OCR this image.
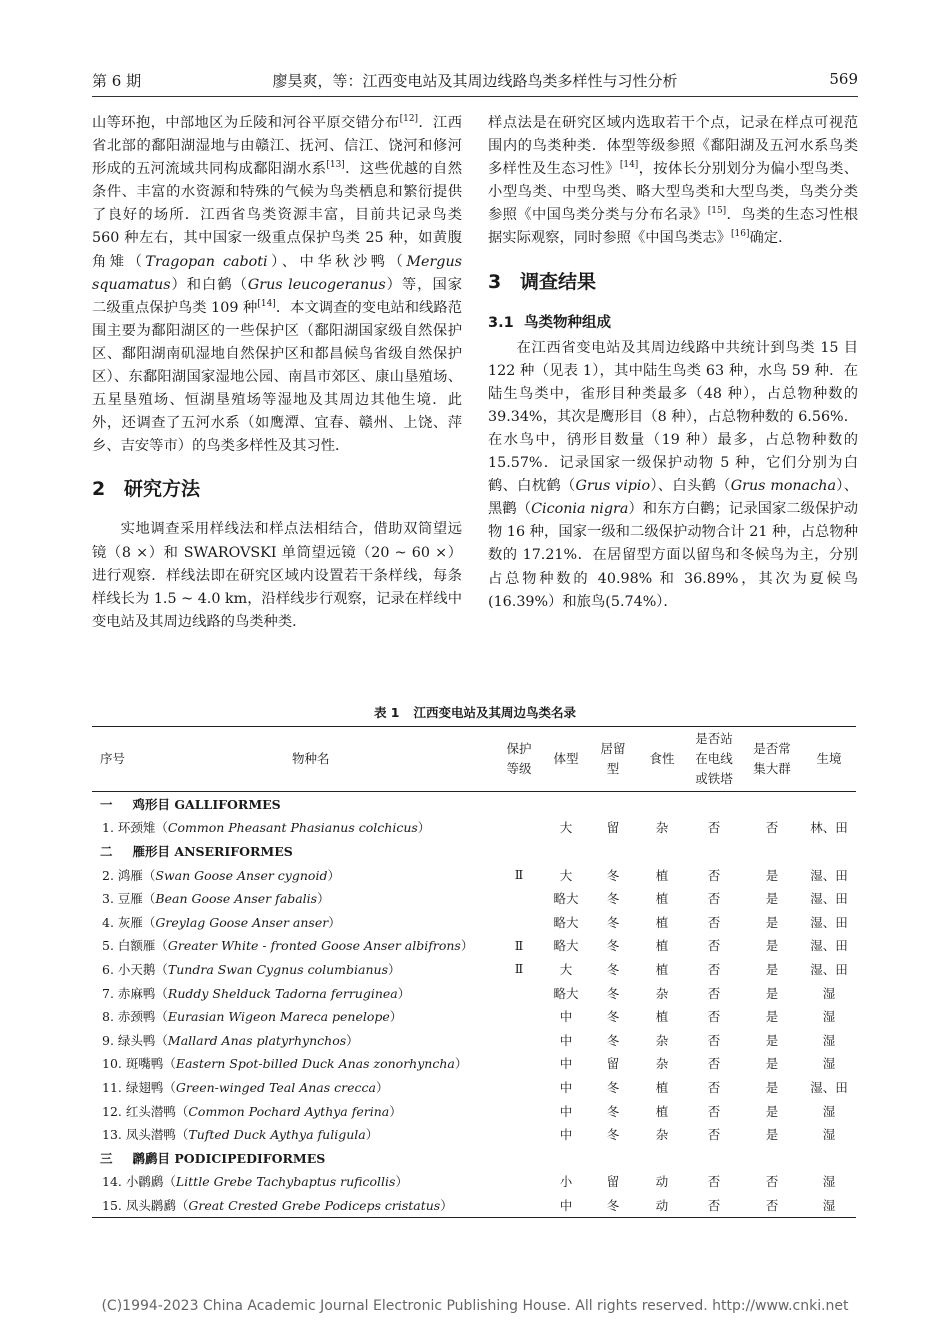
第 6 期	廖昊爽，等：江西变电站及其周边线路鸟类多样性与习性分析	569

山等环抱，中部地区为丘陵和河谷平原交错分布[12]．江西省北部的鄱阳湖湿地与由赣江、抚河、信江、饶河和修河形成的五河流域共同构成鄱阳湖水系[13]．这些优越的自然条件、丰富的水资源和特殊的气候为鸟类栖息和繁衍提供了良好的场所．江西省鸟类资源丰富，目前共记录鸟类 560 种左右，其中国家一级重点保护鸟类 25 种，如黄腹角雉（Tragopan caboti）、中华秋沙鸭（Mergus squamatus）和白鹤（Grus leucogeranus）等，国家二级重点保护鸟类 109 种[14]．本文调查的变电站和线路范围主要为鄱阳湖区的一些保护区（鄱阳湖国家级自然保护区、鄱阳湖南矶湿地自然保护区和都昌候鸟省级自然保护区）、东鄱阳湖国家湿地公园、南昌市郊区、康山垦殖场、五星垦殖场、恒湖垦殖场等湿地及其周边其他生境．此外，还调查了五河水系（如鹰潭、宜春、赣州、上饶、萍乡、吉安等市）的鸟类多样性及其习性．

2 研究方法

实地调查采用样线法和样点法相结合，借助双筒望远镜（8 ×）和 SWAROVSKI 单筒望远镜（20 ~ 60 ×）进行观察．样线法即在研究区域内设置若干条样线，每条样线长为 1.5 ~ 4.0 km，沿样线步行观察，记录在样线中变电站及其周边线路的鸟类种类．

样点法是在研究区域内选取若干个点，记录在样点可视范围内的鸟类种类．体型等级参照《鄱阳湖及五河水系鸟类多样性及生态习性》[14]，按体长分别划分为偏小型鸟类、小型鸟类、中型鸟类、略大型鸟类和大型鸟类，鸟类分类参照《中国鸟类分类与分布名录》[15]．鸟类的生态习性根据实际观察，同时参照《中国鸟类志》[16]确定．

3 调查结果
3.1 鸟类物种组成

在江西省变电站及其周边线路中共统计到鸟类 15 目 122 种（见表 1），其中陆生鸟类 63 种，水鸟 59 种．在陆生鸟类中，雀形目种类最多（48 种），占总物种数的 39.34%，其次是鹰形目（8 种），占总物种数的 6.56%．在水鸟中，鸻形目数量（19 种）最多，占总物种数的 15.57%．记录国家一级保护动物 5 种，它们分别为白鹤、白枕鹤（Grus vipio）、白头鹤（Grus monacha）、黑鹳（Ciconia nigra）和东方白鹳；记录国家二级保护动物 16 种，国家一级和二级保护动物合计 21 种，占总物种数的 17.21%．在居留型方面以留鸟和冬候鸟为主，分别占总物种数的 40.98% 和 36.89%，其次为夏候鸟(16.39%）和旅鸟(5.74%）．

表 1 江西变电站及其周边鸟类名录
序号 物种名	保护等级	体型	居留型	食性	是否站在电线或铁塔	是否常集大群	生境
一 鸡形目 GALLIFORMES							
1. 环颈雉（Common Pheasant Phasianus colchicus）		大	留	杂	否	否	林、田
二 雁形目 ANSERIFORMES							
2. 鸿雁（Swan Goose Anser cygnoid）	Ⅱ	大	冬	植	否	是	湿、田
3. 豆雁（Bean Goose Anser fabalis）		略大	冬	植	否	是	湿、田
4. 灰雁（Greylag Goose Anser anser）		略大	冬	植	否	是	湿、田
5. 白额雁（Greater White - fronted Goose Anser albifrons）	Ⅱ	略大	冬	植	否	是	湿、田
6. 小天鹅（Tundra Swan Cygnus columbianus）	Ⅱ	大	冬	植	否	是	湿、田
7. 赤麻鸭（Ruddy Shelduck Tadorna ferruginea）		略大	冬	杂	否	是	湿
8. 赤颈鸭（Eurasian Wigeon Mareca penelope）		中	冬	植	否	是	湿
9. 绿头鸭（Mallard Anas platyrhynchos）		中	冬	杂	否	是	湿
10. 斑嘴鸭（Eastern Spot-billed Duck Anas zonorhyncha）		中	留	杂	否	是	湿
11. 绿翅鸭（Green-winged Teal Anas crecca）		中	冬	植	否	是	湿、田
12. 红头潜鸭（Common Pochard Aythya ferina）		中	冬	植	否	是	湿
13. 凤头潜鸭（Tufted Duck Aythya fuligula）		中	冬	杂	否	是	湿
三 䴙䴘目 PODICIPEDIFORMES							
14. 小䴙䴘（Little Grebe Tachybaptus ruficollis）		小	留	动	否	否	湿
15. 凤头䴙䴘（Great Crested Grebe Podiceps cristatus）		中	冬	动	否	否	湿
(C)1994-2023 China Academic Journal Electronic Publishing House. All rights reserved. http://www.cnki.net
